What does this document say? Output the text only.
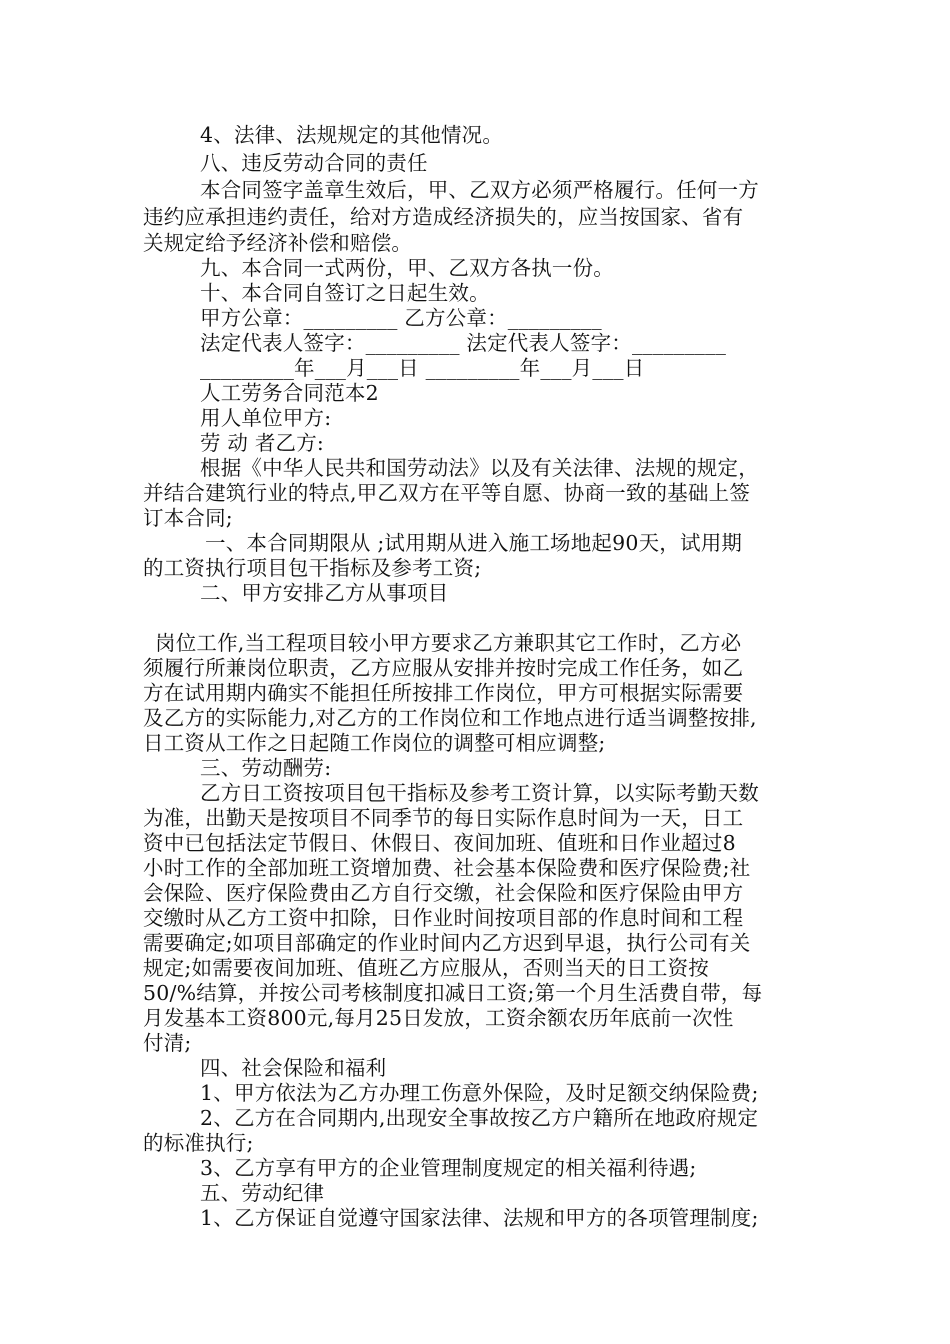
4、法律、法规规定的其他情况。
八、违反劳动合同的责任
本合同签字盖章生效后，甲、乙双方必须严格履行。任何一方
违约应承担违约责任，给对方造成经济损失的，应当按国家、省有
关规定给予经济补偿和赔偿。
九、本合同一式两份，甲、乙双方各执一份。
十、本合同自签订之日起生效。
甲方公章：_________ 乙方公章：_________
法定代表人签字：_________ 法定代表人签字：_________
_________年___月___日 _________年___月___日
人工劳务合同范本2
用人单位甲方:
劳 动 者乙方:
根据《中华人民共和国劳动法》以及有关法律、法规的规定，
并结合建筑行业的特点,甲乙双方在平等自愿、协商一致的基础上签
订本合同;
一、本合同期限从 ;试用期从进入施工场地起90天，试用期
的工资执行项目包干指标及参考工资;
二、甲方安排乙方从事项目
岗位工作,当工程项目较小甲方要求乙方兼职其它工作时，乙方必
须履行所兼岗位职责，乙方应服从安排并按时完成工作任务，如乙
方在试用期内确实不能担任所按排工作岗位，甲方可根据实际需要
及乙方的实际能力,对乙方的工作岗位和工作地点进行适当调整按排,
日工资从工作之日起随工作岗位的调整可相应调整;
三、劳动酬劳:
乙方日工资按项目包干指标及参考工资计算，以实际考勤天数
为准，出勤天是按项目不同季节的每日实际作息时间为一天，日工
资中已包括法定节假日、休假日、夜间加班、值班和日作业超过8
小时工作的全部加班工资增加费、社会基本保险费和医疗保险费;社
会保险、医疗保险费由乙方自行交缴，社会保险和医疗保险由甲方
交缴时从乙方工资中扣除，日作业时间按项目部的作息时间和工程
需要确定;如项目部确定的作业时间内乙方迟到早退，执行公司有关
规定;如需要夜间加班、值班乙方应服从，否则当天的日工资按
50/%结算，并按公司考核制度扣减日工资;第一个月生活费自带，每
月发基本工资800元,每月25日发放，工资余额农历年底前一次性
付清;
四、社会保险和福利
1、甲方依法为乙方办理工伤意外保险，及时足额交纳保险费;
2、乙方在合同期内,出现安全事故按乙方户籍所在地政府规定
的标准执行;
3、乙方享有甲方的企业管理制度规定的相关福利待遇;
五、劳动纪律
1、乙方保证自觉遵守国家法律、法规和甲方的各项管理制度;
